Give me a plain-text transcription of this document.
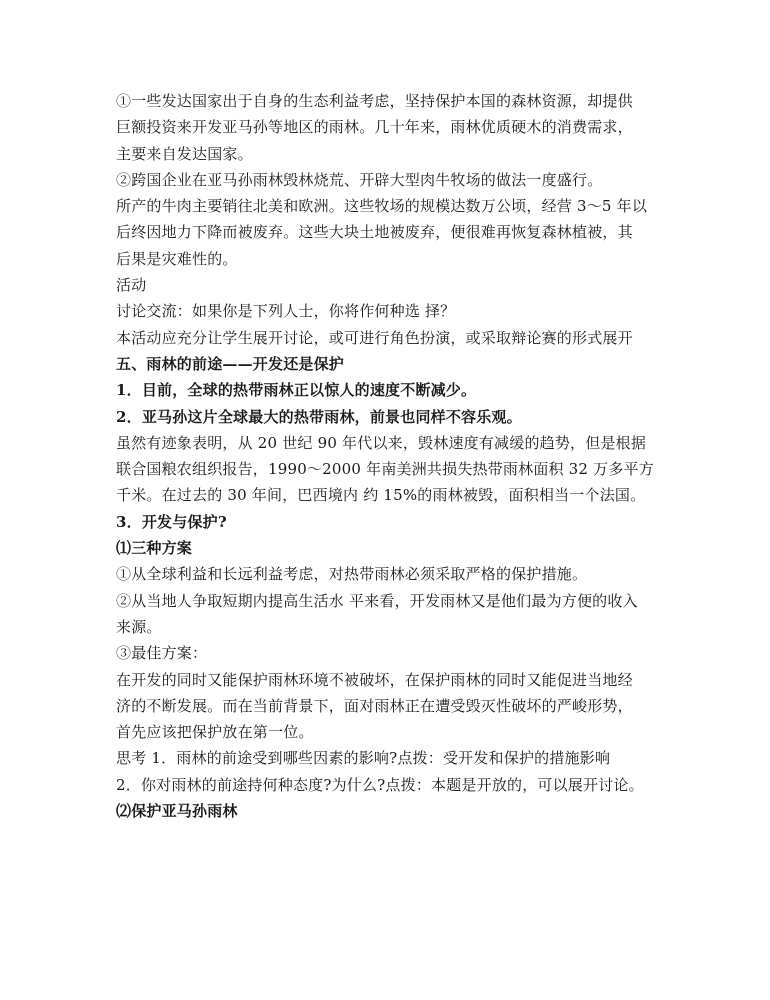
①一些发达国家出于自身的生态利益考虑，坚持保护本国的森林资源，却提供
巨额投资来开发亚马孙等地区的雨林。几十年来，雨林优质硬木的消费需求，
主要来自发达国家。
②跨国企业在亚马孙雨林毁林烧荒、开辟大型肉牛牧场的做法一度盛行。
所产的牛肉主要销往北美和欧洲。这些牧场的规模达数万公顷，经营 3～5 年以
后终因地力下降而被废弃。这些大块土地被废弃，便很难再恢复森林植被，其
后果是灾难性的。
活动
讨论交流：如果你是下列人士，你将作何种选 择？
本活动应充分让学生展开讨论，或可进行角色扮演，或采取辩论赛的形式展开
五、雨林的前途——开发还是保护
1．目前，全球的热带雨林正以惊人的速度不断减少。
2．亚马孙这片全球最大的热带雨林，前景也同样不容乐观。
虽然有迹象表明，从 20 世纪 90 年代以来，毁林速度有减缓的趋势，但是根据
联合国粮农组织报告，1990～2000 年南美洲共损失热带雨林面积 32 万多平方
千米。在过去的 30 年间，巴西境内 约 15%的雨林被毁，面积相当一个法国。
3．开发与保护?
⑴三种方案
①从全球利益和长远利益考虑，对热带雨林必须采取严格的保护措施。
②从当地人争取短期内提高生活水 平来看，开发雨林又是他们最为方便的收入
来源。
③最佳方案：
在开发的同时又能保护雨林环境不被破坏，在保护雨林的同时又能促进当地经
济的不断发展。而在当前背景下，面对雨林正在遭受毁灭性破坏的严峻形势，
首先应该把保护放在第一位。
思考 1．雨林的前途受到哪些因素的影响?点拨：受开发和保护的措施影响
2．你对雨林的前途持何种态度?为什么?点拨：本题是开放的，可以展开讨论。
⑵保护亚马孙雨林
